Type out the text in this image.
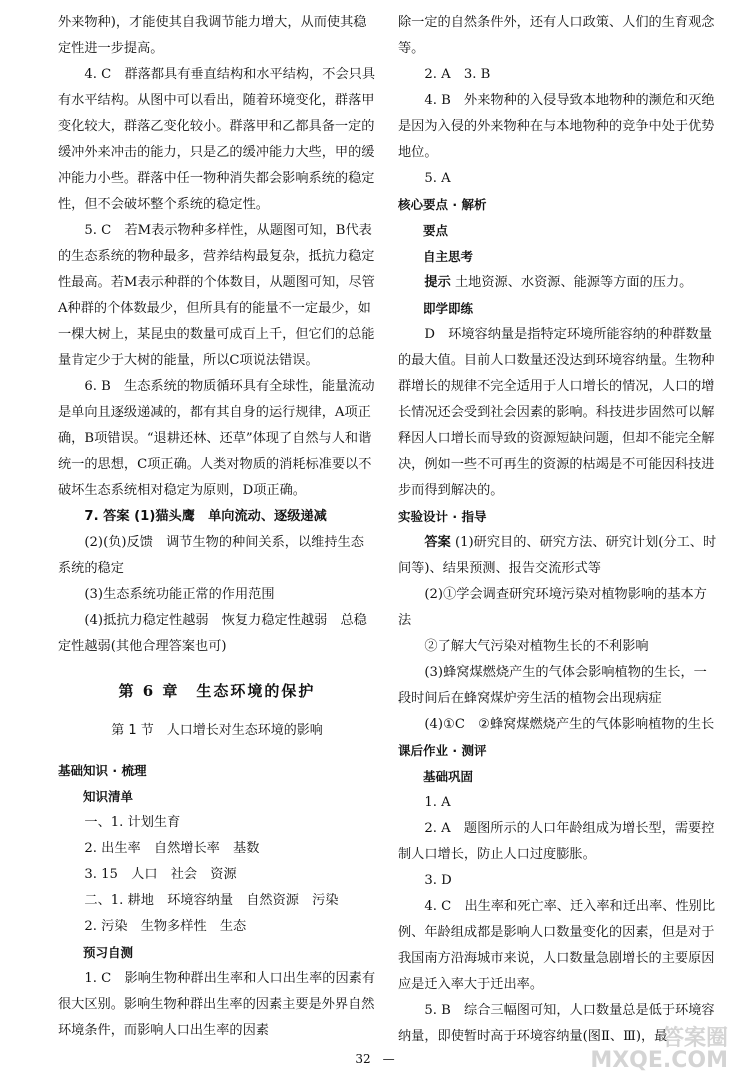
外来物种)，才能使其自我调节能力增大，从而使其稳定性进一步提高。

4. C　群落都具有垂直结构和水平结构，不会只具有水平结构。从图中可以看出，随着环境变化，群落甲变化较大，群落乙变化较小。群落甲和乙都具备一定的缓冲外来冲击的能力，只是乙的缓冲能力大些，甲的缓冲能力小些。群落中任一物种消失都会影响系统的稳定性，但不会破坏整个系统的稳定性。

5. C　若M表示物种多样性，从题图可知，B代表的生态系统的物种最多，营养结构最复杂，抵抗力稳定性最高。若M表示种群的个体数目，从题图可知，尽管A种群的个体数最少，但所具有的能量不一定最少，如一棵大树上，某昆虫的数量可成百上千，但它们的总能量肯定少于大树的能量，所以C项说法错误。

6. B　生态系统的物质循环具有全球性，能量流动是单向且逐级递减的，都有其自身的运行规律，A项正确，B项错误。“退耕还林、还草”体现了自然与人和谐统一的思想，C项正确。人类对物质的消耗标准要以不破坏生态系统相对稳定为原则，D项正确。

7. 答案 (1)猫头鹰　单向流动、逐级递减

(2)(负)反馈　调节生物的种间关系，以维持生态系统的稳定

(3)生态系统功能正常的作用范围

(4)抵抗力稳定性越弱　恢复力稳定性越弱　总稳定性越弱(其他合理答案也可)

第 6 章　生态环境的保护

第 1 节　人口增长对生态环境的影响

基础知识 · 梳理

知识清单

一、1. 计划生育

2. 出生率　自然增长率　基数

3. 15　人口　社会　资源

二、1. 耕地　环境容纳量　自然资源　污染

2. 污染　生物多样性　生态

预习自测

1. C　影响生物种群出生率和人口出生率的因素有很大区别。影响生物种群出生率的因素主要是外界自然环境条件，而影响人口出生率的因素

除一定的自然条件外，还有人口政策、人们的生育观念等。

2. A　3. B

4. B　外来物种的入侵导致本地物种的濒危和灭绝是因为入侵的外来物种在与本地物种的竞争中处于优势地位。

5. A

核心要点 · 解析

要点

自主思考

提示 土地资源、水资源、能源等方面的压力。

即学即练

D　环境容纳量是指特定环境所能容纳的种群数量的最大值。目前人口数量还没达到环境容纳量。生物种群增长的规律不完全适用于人口增长的情况，人口的增长情况还会受到社会因素的影响。科技进步固然可以解释因人口增长而导致的资源短缺问题，但却不能完全解决，例如一些不可再生的资源的枯竭是不可能因科技进步而得到解决的。

实验设计 · 指导

答案 (1)研究目的、研究方法、研究计划(分工、时间等)、结果预测、报告交流形式等

(2)①学会调查研究环境污染对植物影响的基本方法

②了解大气污染对植物生长的不利影响

(3)蜂窝煤燃烧产生的气体会影响植物的生长，一段时间后在蜂窝煤炉旁生活的植物会出现病症

(4)①C　②蜂窝煤燃烧产生的气体影响植物的生长

课后作业 · 测评

基础巩固

1. A

2. A　题图所示的人口年龄组成为增长型，需要控制人口增长，防止人口过度膨胀。

3. D

4. C　出生率和死亡率、迁入率和迁出率、性别比例、年龄组成都是影响人口数量变化的因素，但是对于我国南方沿海城市来说，人口数量急剧增长的主要原因应是迁入率大于迁出率。

5. B　综合三幅图可知，人口数量总是低于环境容纳量，即使暂时高于环境容纳量(图Ⅱ、Ⅲ)，最

32　—
答案圈
MXQE.COM
